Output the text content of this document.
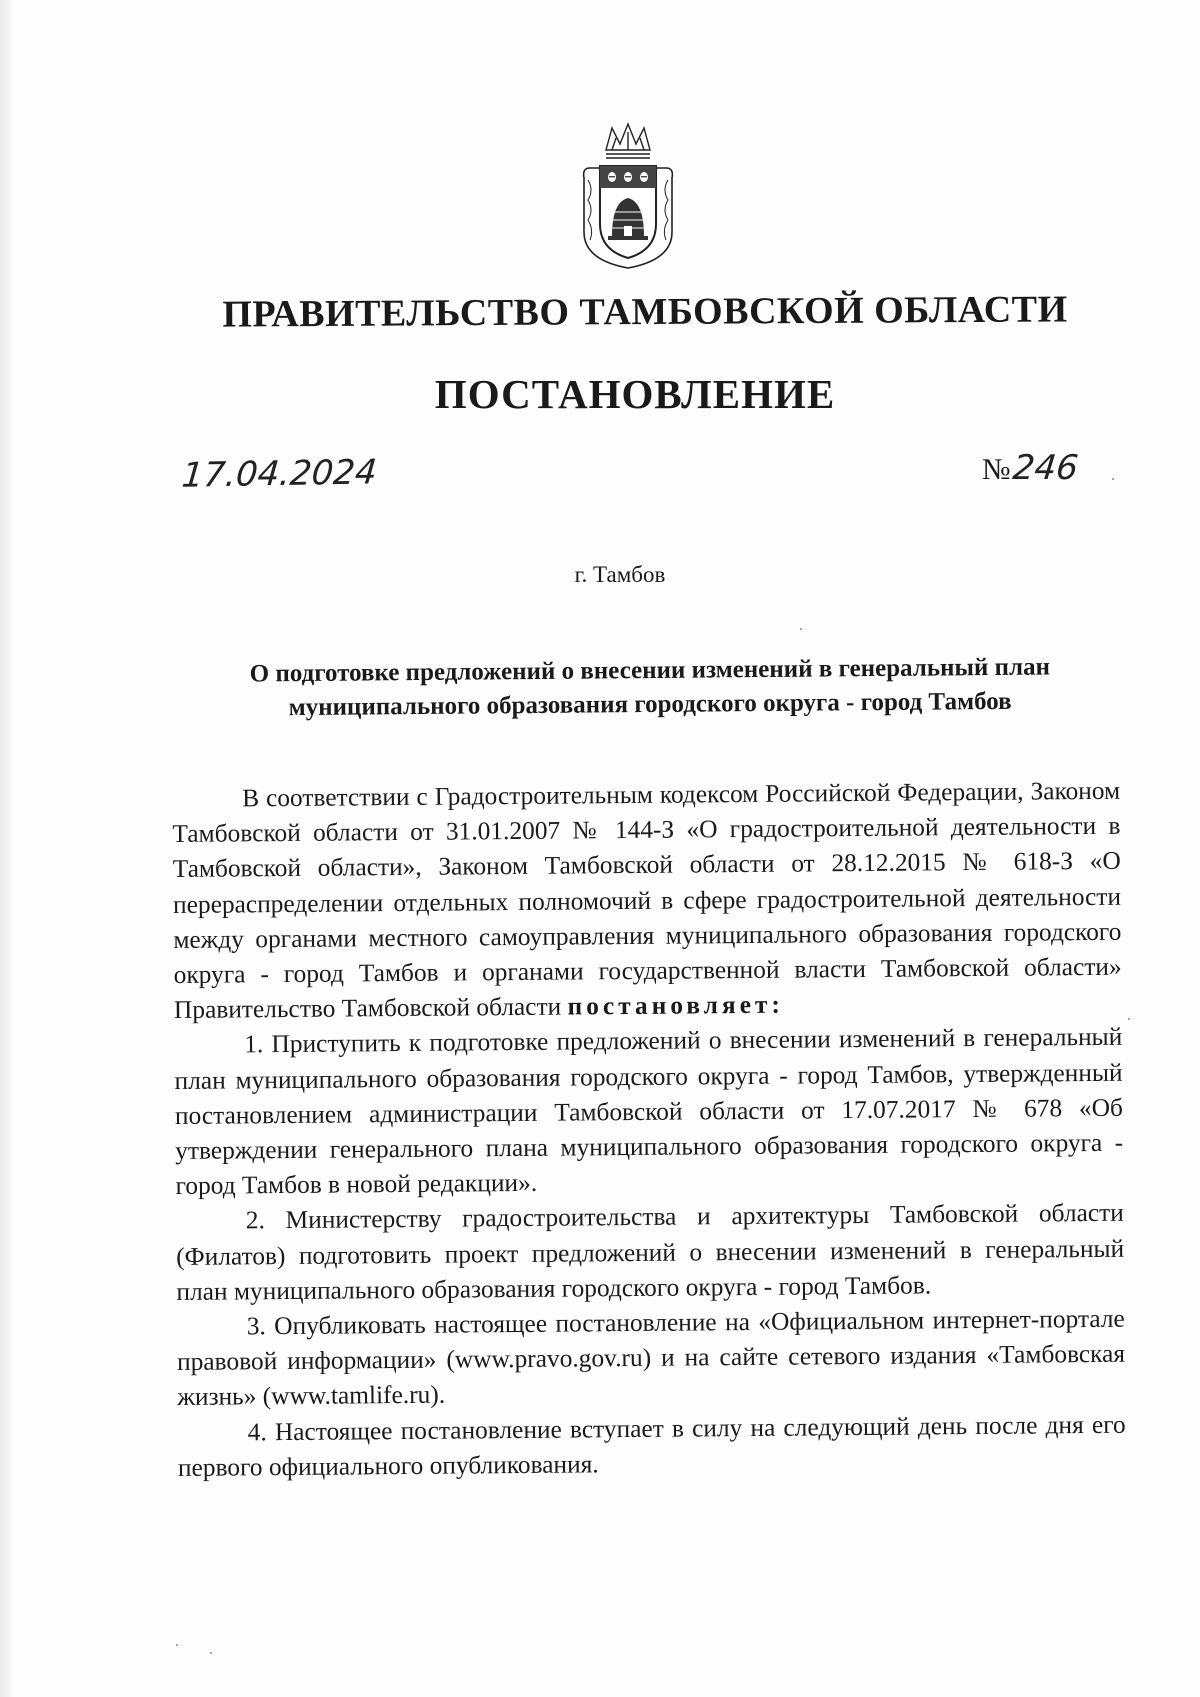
ПРАВИТЕЛЬСТВО ТАМБОВСКОЙ ОБЛАСТИ
ПОСТАНОВЛЕНИЕ
17.04.2024	№246
г. Тамбов
О подготовке предложений о внесении изменений в генеральный план
муниципального образования городского округа - город Тамбов

В соответствии с Градостроительным кодексом Российской Федерации, Законом Тамбовской области от 31.01.2007 № 144-З «О градостроительной деятельности в Тамбовской области», Законом Тамбовской области от 28.12.2015 № 618-З «О перераспределении отдельных полномочий в сфере градостроительной деятельности между органами местного самоуправления муниципального образования городского округа - город Тамбов и органами государственной власти Тамбовской области» Правительство Тамбовской области постановляет:

1. Приступить к подготовке предложений о внесении изменений в генеральный план муниципального образования городского округа - город Тамбов, утвержденный постановлением администрации Тамбовской области от 17.07.2017 № 678 «Об утверждении генерального плана муниципального образования городского округа - город Тамбов в новой редакции».

2. Министерству градостроительства и архитектуры Тамбовской области (Филатов) подготовить проект предложений о внесении изменений в генеральный план муниципального образования городского округа - город Тамбов.

3. Опубликовать настоящее постановление на «Официальном интернет-портале правовой информации» (www.pravo.gov.ru) и на сайте сетевого издания «Тамбовская жизнь» (www.tamlife.ru).

4. Настоящее постановление вступает в силу на следующий день после дня его первого официального опубликования.
